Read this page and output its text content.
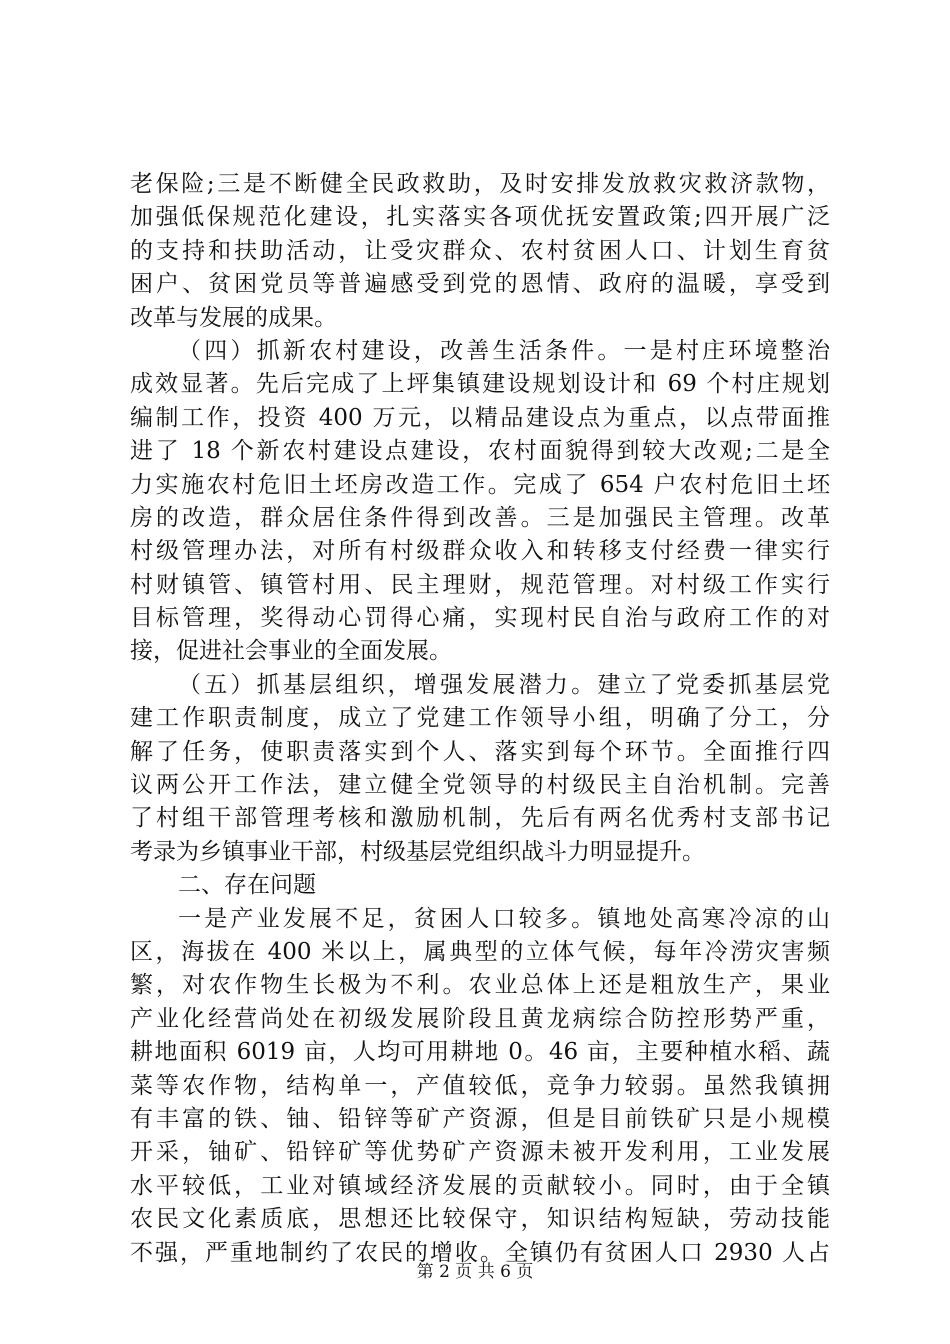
老保险;三是不断健全民政救助，及时安排发放救灾救济款物，
加强低保规范化建设，扎实落实各项优抚安置政策;四开展广泛
的支持和扶助活动，让受灾群众、农村贫困人口、计划生育贫
困户、贫困党员等普遍感受到党的恩情、政府的温暖，享受到
改革与发展的成果。
（四）抓新农村建设，改善生活条件。一是村庄环境整治
成效显著。先后完成了上坪集镇建设规划设计和 69 个村庄规划
编制工作，投资 400 万元，以精品建设点为重点，以点带面推
进了 18 个新农村建设点建设，农村面貌得到较大改观;二是全
力实施农村危旧土坯房改造工作。完成了 654 户农村危旧土坯
房的改造，群众居住条件得到改善。三是加强民主管理。改革
村级管理办法，对所有村级群众收入和转移支付经费一律实行
村财镇管、镇管村用、民主理财，规范管理。对村级工作实行
目标管理，奖得动心罚得心痛，实现村民自治与政府工作的对
接，促进社会事业的全面发展。
（五）抓基层组织，增强发展潜力。建立了党委抓基层党
建工作职责制度，成立了党建工作领导小组，明确了分工，分
解了任务，使职责落实到个人、落实到每个环节。全面推行四
议两公开工作法，建立健全党领导的村级民主自治机制。完善
了村组干部管理考核和激励机制，先后有两名优秀村支部书记
考录为乡镇事业干部，村级基层党组织战斗力明显提升。
二、存在问题
一是产业发展不足，贫困人口较多。镇地处高寒冷凉的山
区，海拔在 400 米以上，属典型的立体气候，每年冷涝灾害频
繁，对农作物生长极为不利。农业总体上还是粗放生产，果业
产业化经营尚处在初级发展阶段且黄龙病综合防控形势严重，
耕地面积 6019 亩，人均可用耕地 0。46 亩，主要种植水稻、蔬
菜等农作物，结构单一，产值较低，竞争力较弱。虽然我镇拥
有丰富的铁、铀、铅锌等矿产资源，但是目前铁矿只是小规模
开采，铀矿、铅锌矿等优势矿产资源未被开发利用，工业发展
水平较低，工业对镇域经济发展的贡献较小。同时，由于全镇
农民文化素质底，思想还比较保守，知识结构短缺，劳动技能
不强，严重地制约了农民的增收。全镇仍有贫困人口 2930 人占
第 2 页 共 6 页
